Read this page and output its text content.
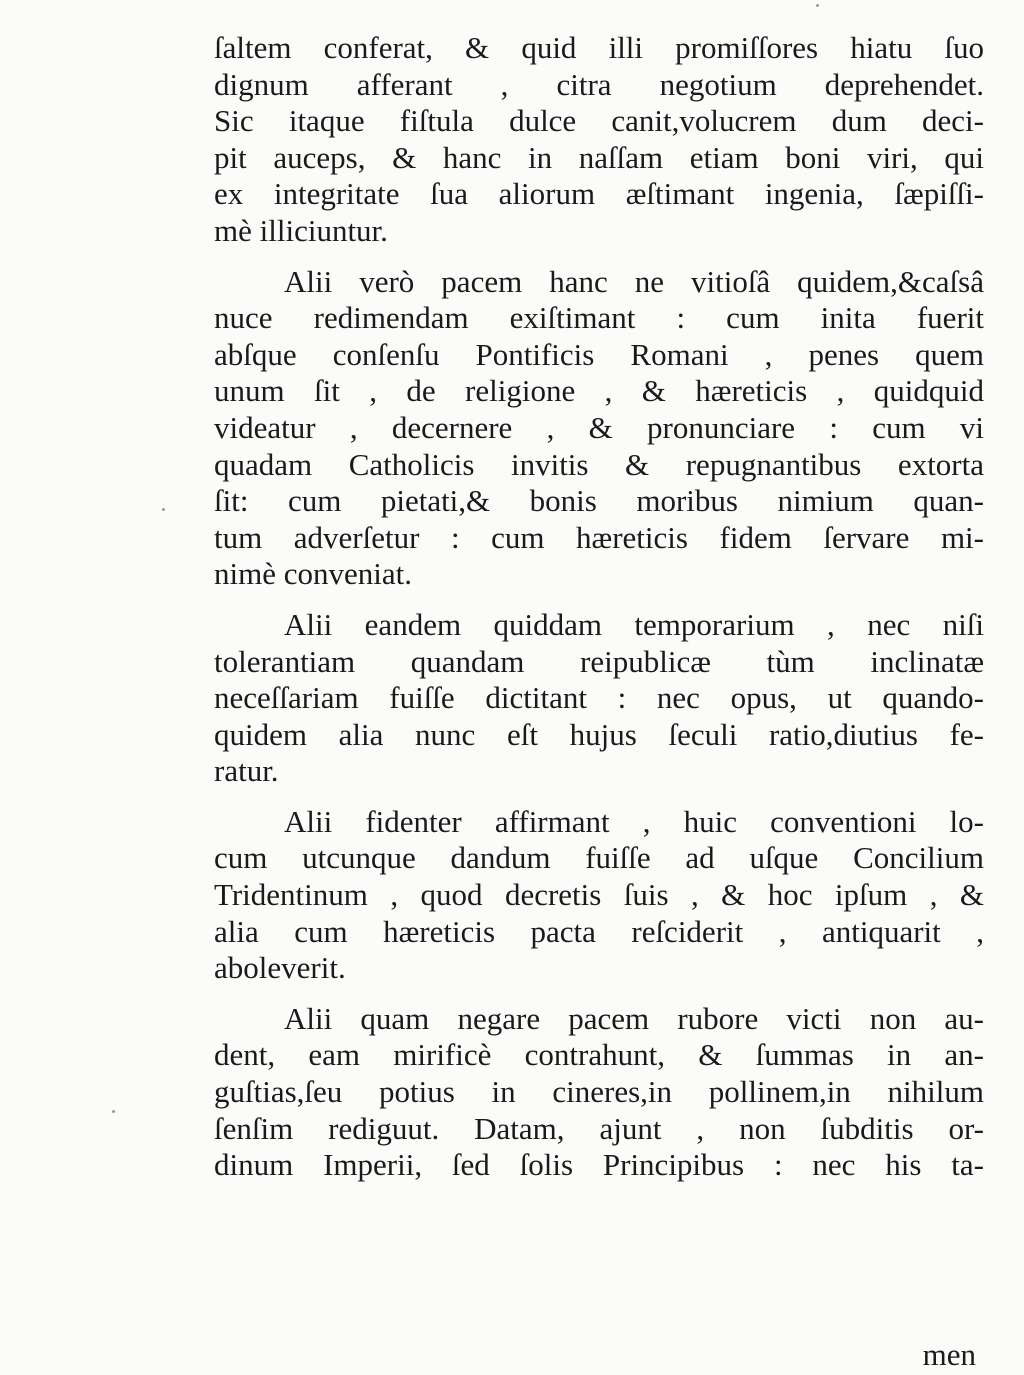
ſaltem conferat, & quid illi promiſſores hiatu ſuo
dignum afferant , citra negotium deprehendet.
Sic itaque fiſtula dulce canit,volucrem dum deci-
pit auceps, & hanc in naſſam etiam boni viri, qui
ex integritate ſua aliorum æſtimant ingenia, ſæpiſſi-
mè illiciuntur.
Alii verò pacem hanc ne vitioſâ quidem,&caſsâ
nuce redimendam exiſtimant : cum inita fuerit
abſque conſenſu Pontificis Romani , penes quem
unum ſit , de religione , & hæreticis , quidquid
videatur , decernere , & pronunciare : cum vi
quadam Catholicis invitis & repugnantibus extorta
ſit: cum pietati,& bonis moribus nimium quan-
tum adverſetur : cum hæreticis fidem ſervare mi-
nimè conveniat.
Alii eandem quiddam temporarium , nec niſi
tolerantiam quandam reipublicæ tùm inclinatæ
neceſſariam fuiſſe dictitant : nec opus, ut quando-
quidem alia nunc eſt hujus ſeculi ratio,diutius fe-
ratur.
Alii fidenter affirmant , huic conventioni lo-
cum utcunque dandum fuiſſe ad uſque Concilium
Tridentinum , quod decretis ſuis , & hoc ipſum , &
alia cum hæreticis pacta reſciderit , antiquarit ,
aboleverit.
Alii quam negare pacem rubore victi non au-
dent, eam mirificè contrahunt, & ſummas in an-
guſtias,ſeu potius in cineres,in pollinem,in nihilum
ſenſim rediguut. Datam, ajunt , non ſubditis or-
dinum Imperii, ſed ſolis Principibus : nec his ta-
men
